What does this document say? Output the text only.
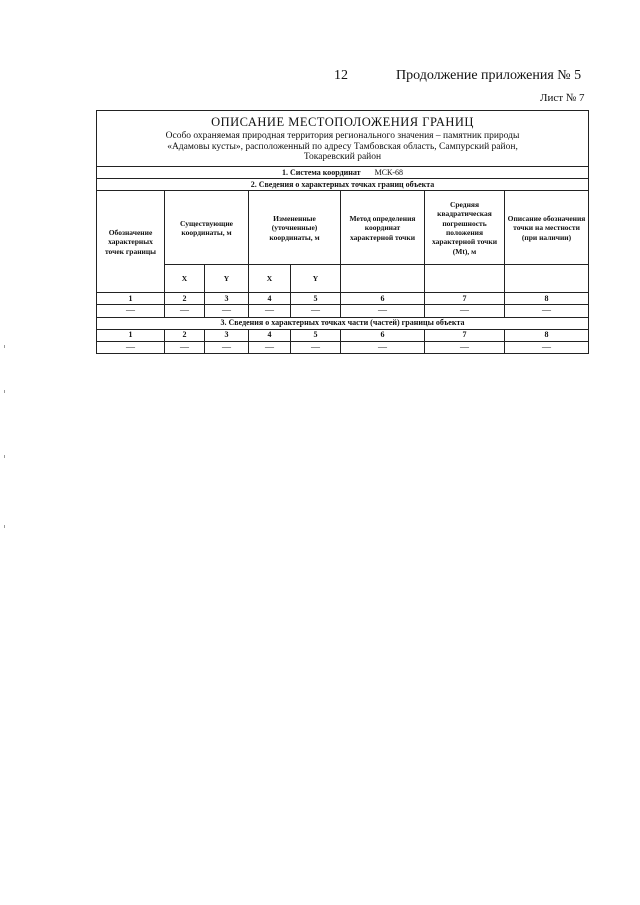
12	Продолжение приложения № 5
Лист № 7
ОПИСАНИЕ МЕСТОПОЛОЖЕНИЯ ГРАНИЦ
Особо охраняемая природная территория регионального значения – памятник природы
«Адамовы кусты», расположенный по адресу Тамбовская область, Сампурский район,
Токаревский район							

1. Система координат МСК-68							
2. Сведения о характерных точках границ объекта							
Обозначение характерных точек границы	Существующие координаты, м		Измененные (уточненные) координаты, м		Метод определения координат характерной точки	Средняя квадратическая погрешность положения характерной точки (Mt), м	Описание обозначения точки на местности (при наличии)
	X	Y	X	Y			
1	2	3	4	5	6	7	8
—	—	—	—	—	—	—	—
3. Сведения о характерных точках части (частей) границы объекта							
1	2	3	4	5	6	7	8
—	—	—	—	—	—	—	—
